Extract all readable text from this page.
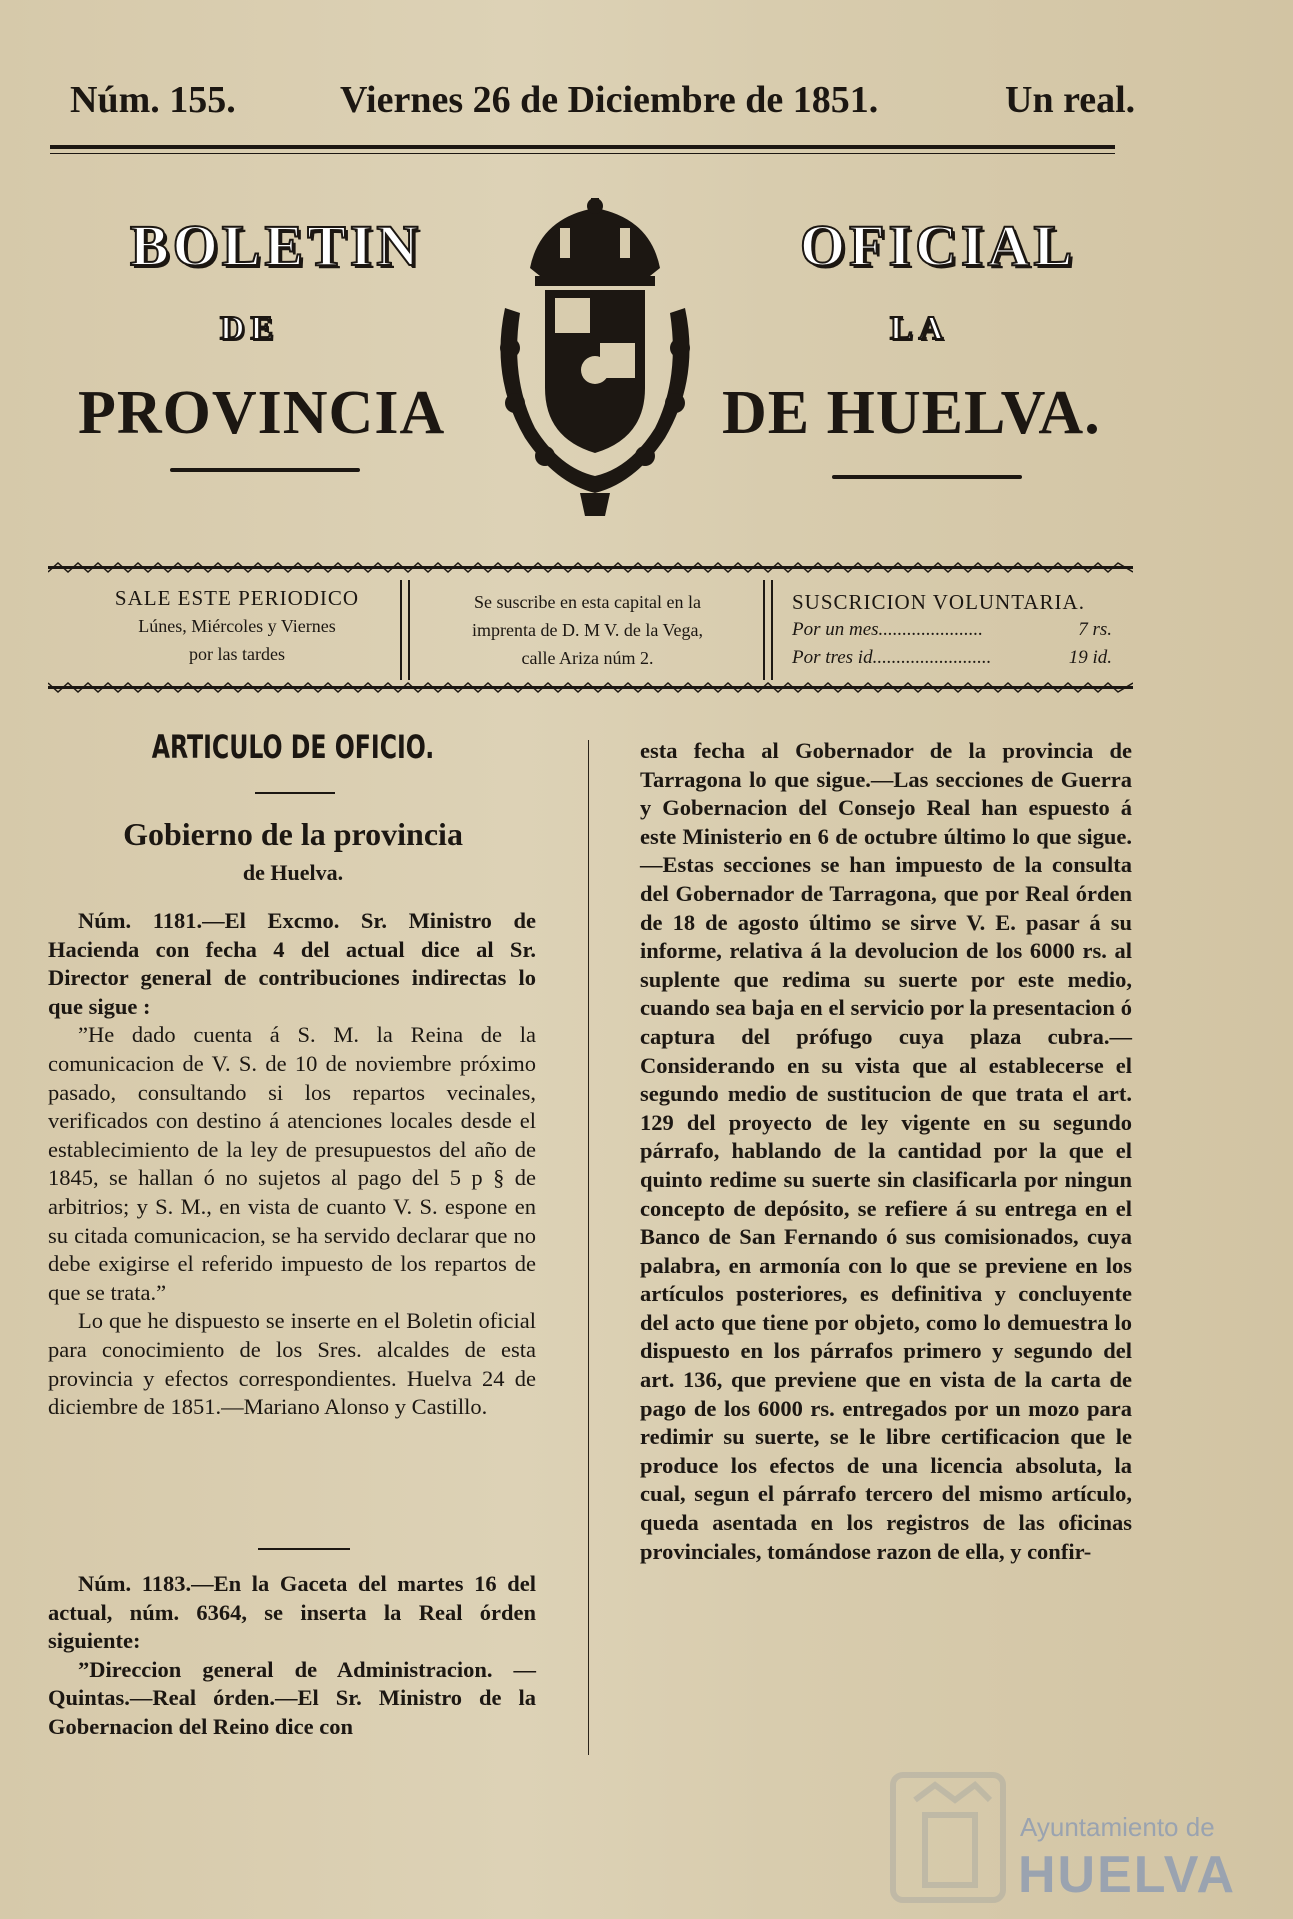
Núm. 155.	Viernes 26 de Diciembre de 1851.	Un real.
BOLETIN	OFICIAL
DE	LA
PROVINCIA	DE HUELVA.
SALE ESTE PERIODICO
Lúnes, Miércoles y Viernes
por las tardes
Se suscribe en esta capital en la
imprenta de D. M V. de la Vega,
calle Ariza núm 2.
SUSCRICION VOLUNTARIA.
Por un mes......................	7 rs.
Por tres id.........................	19 id.
ARTICULO DE OFICIO.
Gobierno de la provincia
de Huelva.

Núm. 1181.—El Excmo. Sr. Ministro de Hacienda con fecha 4 del actual dice al Sr. Director general de contribuciones indirectas lo que sigue :

”He dado cuenta á S. M. la Reina de la comunicacion de V. S. de 10 de noviembre próximo pasado, consultando si los repartos vecinales, verificados con destino á atenciones locales desde el establecimiento de la ley de presupuestos del año de 1845, se hallan ó no sujetos al pago del 5 p § de arbitrios; y S. M., en vista de cuanto V. S. espone en su citada comunicacion, se ha servido declarar que no debe exigirse el referido impuesto de los repartos de que se trata.”

Lo que he dispuesto se inserte en el Boletin oficial para conocimiento de los Sres. alcaldes de esta provincia y efectos correspondientes. Huelva 24 de diciembre de 1851.—Mariano Alonso y Castillo.

Núm. 1183.—En la Gaceta del martes 16 del actual, núm. 6364, se inserta la Real órden siguiente:

”Direccion general de Administracion. —Quintas.—Real órden.—El Sr. Ministro de la Gobernacion del Reino dice con

esta fecha al Gobernador de la provincia de Tarragona lo que sigue.—Las secciones de Guerra y Gobernacion del Consejo Real han espuesto á este Ministerio en 6 de octubre último lo que sigue.—Estas secciones se han impuesto de la consulta del Gobernador de Tarragona, que por Real órden de 18 de agosto último se sirve V. E. pasar á su informe, relativa á la devolucion de los 6000 rs. al suplente que redima su suerte por este medio, cuando sea baja en el servicio por la presentacion ó captura del prófugo cuya plaza cubra.—Considerando en su vista que al establecerse el segundo medio de sustitucion de que trata el art. 129 del proyecto de ley vigente en su segundo párrafo, hablando de la cantidad por la que el quinto redime su suerte sin clasificarla por ningun concepto de depósito, se refiere á su entrega en el Banco de San Fernando ó sus comisionados, cuya palabra, en armonía con lo que se previene en los artículos posteriores, es definitiva y concluyente del acto que tiene por objeto, como lo demuestra lo dispuesto en los párrafos primero y segundo del art. 136, que previene que en vista de la carta de pago de los 6000 rs. entregados por un mozo para redimir su suerte, se le libre certificacion que le produce los efectos de una licencia absoluta, la cual, segun el párrafo tercero del mismo artículo, queda asentada en los registros de las oficinas provinciales, tomándose razon de ella, y confir-

Ayuntamiento de
HUELVA
